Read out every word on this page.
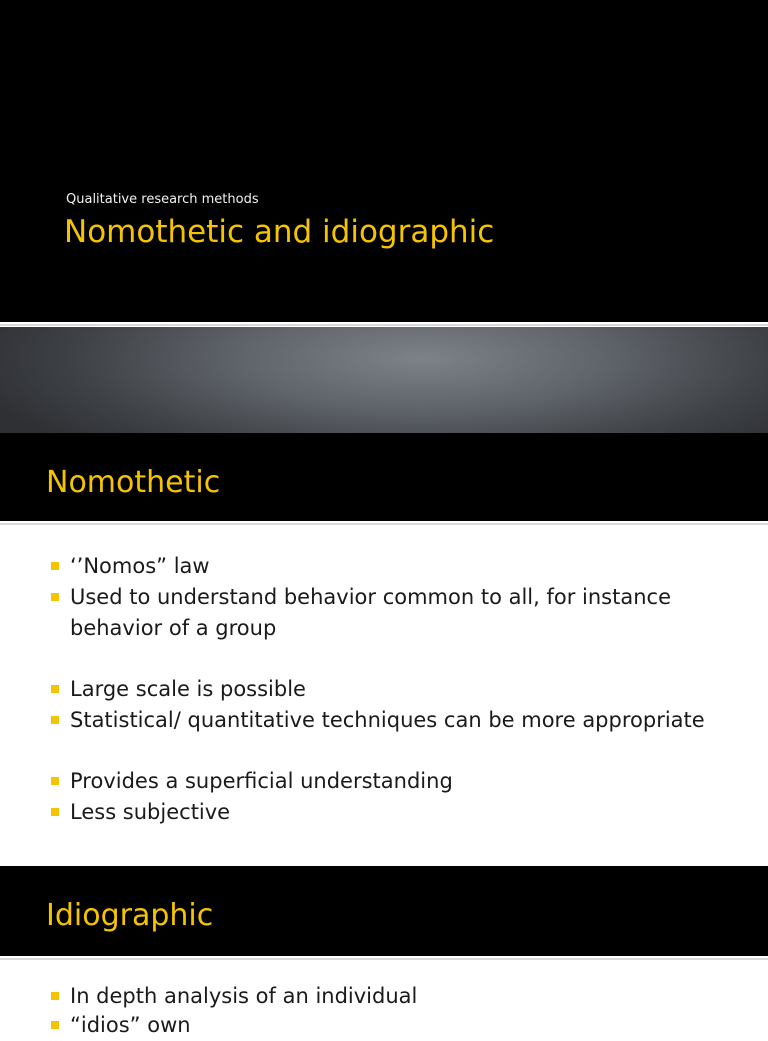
Qualitative research methods
Nomothetic and idiographic
Nomothetic
‘’Nomos” law
Used to understand behavior common to all, for instance
behavior of a group
Large scale is possible
Statistical/ quantitative techniques can be more appropriate
Provides a superficial understanding
Less subjective
Idiographic
In depth analysis of an individual
“idios” own
